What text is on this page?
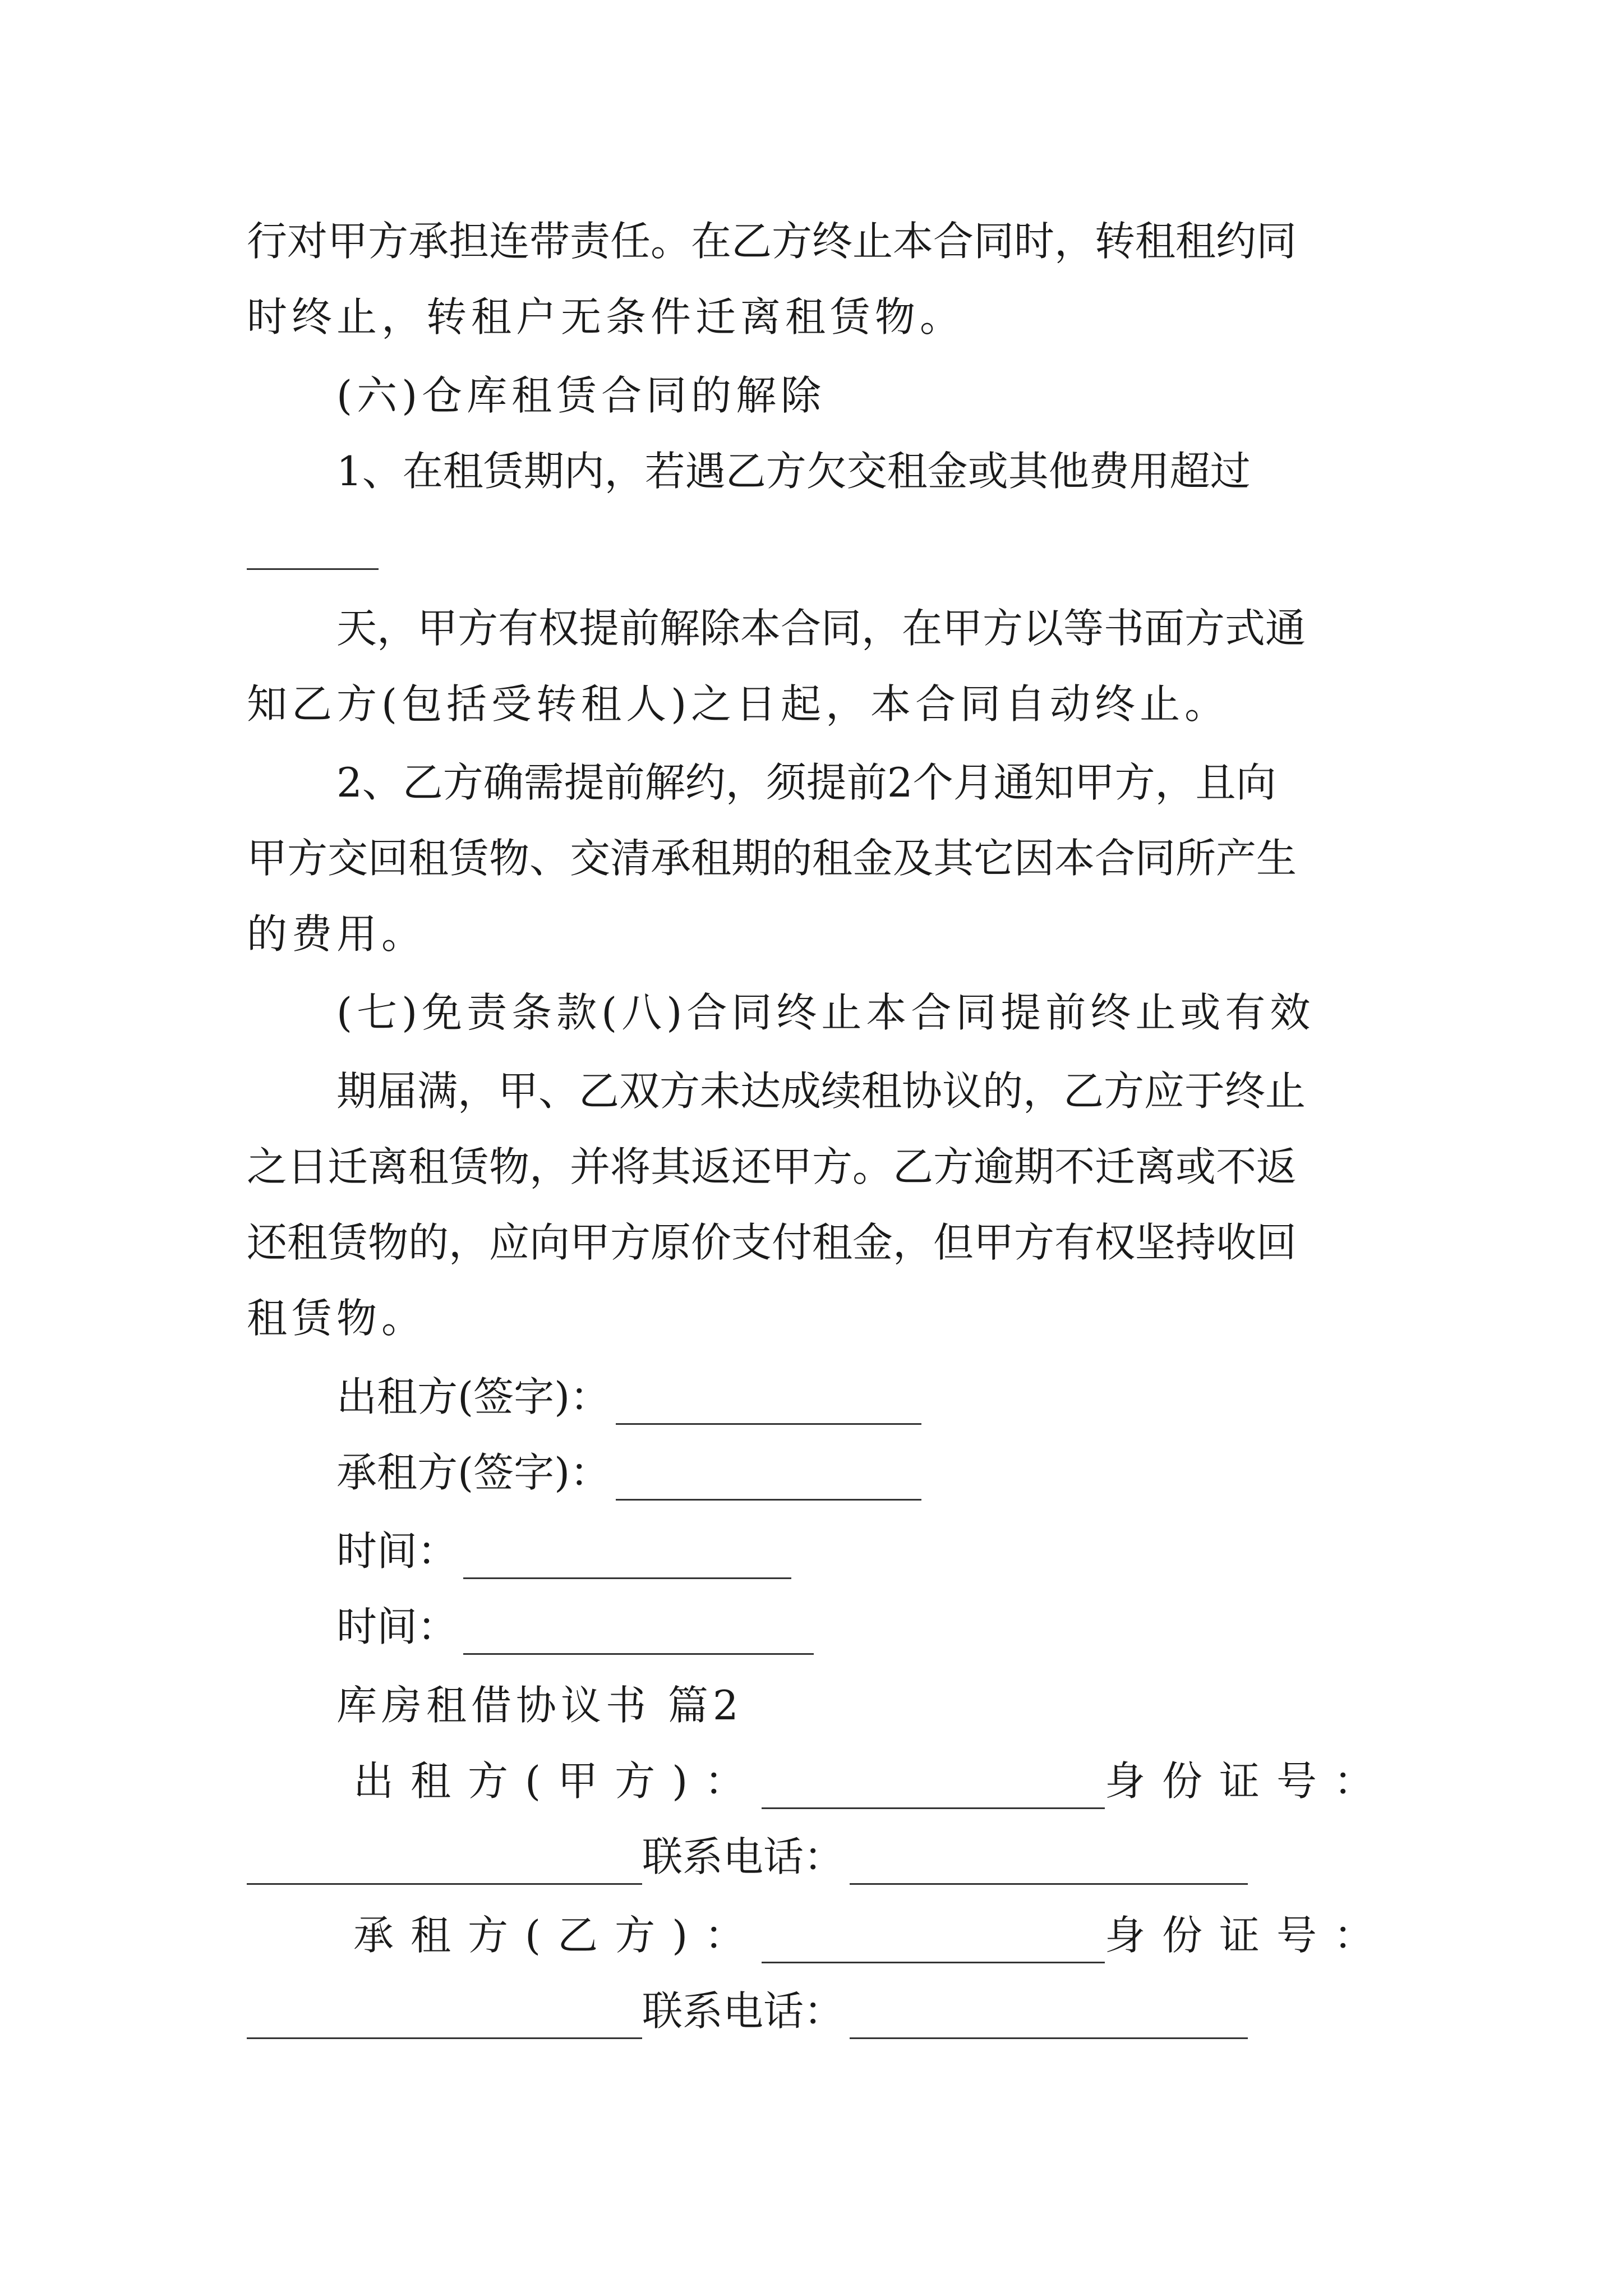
行对甲方承担连带责任。在乙方终止本合同时，转租租约同
时终止，转租户无条件迁离租赁物。
(六)仓库租赁合同的解除
1、在租赁期内，若遇乙方欠交租金或其他费用超过
天，甲方有权提前解除本合同，在甲方以等书面方式通
知乙方(包括受转租人)之日起，本合同自动终止。
2、乙方确需提前解约，须提前2个月通知甲方，且向
甲方交回租赁物、交清承租期的租金及其它因本合同所产生
的费用。
(七)免责条款(八)合同终止本合同提前终止或有效
期届满，甲、乙双方未达成续租协议的，乙方应于终止
之日迁离租赁物，并将其返还甲方。乙方逾期不迁离或不返
还租赁物的，应向甲方原价支付租金，但甲方有权坚持收回
租赁物。
出租方(签字)：
承租方(签字)：
时间：
时间：
库房租借协议书 篇2
出租方(甲方)：	身份证号：
联系电话：
承租方(乙方)：	身份证号：
联系电话：
